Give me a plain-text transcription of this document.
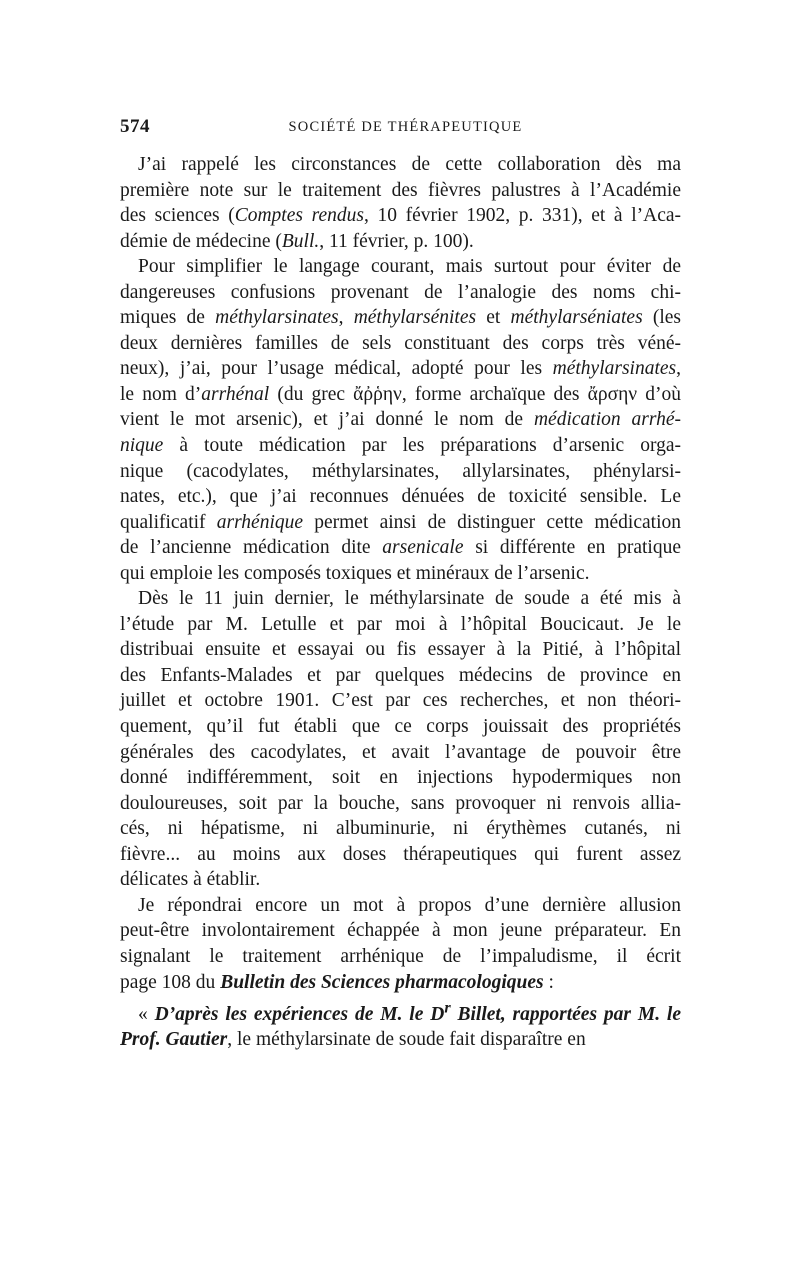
574	SOCIÉTÉ DE THÉRAPEUTIQUE
J’ai rappelé les circonstances de cette collaboration dès ma
première note sur le traitement des fièvres palustres à l’Académie
des sciences (Comptes rendus, 10 février 1902, p. 331), et à l’Aca-
démie de médecine (Bull., 11 février, p. 100).
Pour simplifier le langage courant, mais surtout pour éviter de
dangereuses confusions provenant de l’analogie des noms chi-
miques de méthylarsinates, méthylarsénites et méthylarséniates (les
deux dernières familles de sels constituant des corps très véné-
neux), j’ai, pour l’usage médical, adopté pour les méthylarsinates,
le nom d’arrhénal (du grec ἄῤῥην, forme archaïque des ἄρσην d’où
vient le mot arsenic), et j’ai donné le nom de médication arrhé-
nique à toute médication par les préparations d’arsenic orga-
nique (cacodylates, méthylarsinates, allylarsinates, phénylarsi-
nates, etc.), que j’ai reconnues dénuées de toxicité sensible. Le
qualificatif arrhénique permet ainsi de distinguer cette médication
de l’ancienne médication dite arsenicale si différente en pratique
qui emploie les composés toxiques et minéraux de l’arsenic.
Dès le 11 juin dernier, le méthylarsinate de soude a été mis à
l’étude par M. Letulle et par moi à l’hôpital Boucicaut. Je le
distribuai ensuite et essayai ou fis essayer à la Pitié, à l’hôpital
des Enfants-Malades et par quelques médecins de province en
juillet et octobre 1901. C’est par ces recherches, et non théori-
quement, qu’il fut établi que ce corps jouissait des propriétés
générales des cacodylates, et avait l’avantage de pouvoir être
donné indifféremment, soit en injections hypodermiques non
douloureuses, soit par la bouche, sans provoquer ni renvois allia-
cés, ni hépatisme, ni albuminurie, ni érythèmes cutanés, ni
fièvre... au moins aux doses thérapeutiques qui furent assez
délicates à établir.
Je répondrai encore un mot à propos d’une dernière allusion
peut-être involontairement échappée à mon jeune préparateur. En
signalant le traitement arrhénique de l’impaludisme, il écrit
page 108 du Bulletin des Sciences pharmacologiques :
« D’après les expériences de M. le $D^r$ Billet, rapportées par M. le
Prof. Gautier, le méthylarsinate de soude fait disparaître en
